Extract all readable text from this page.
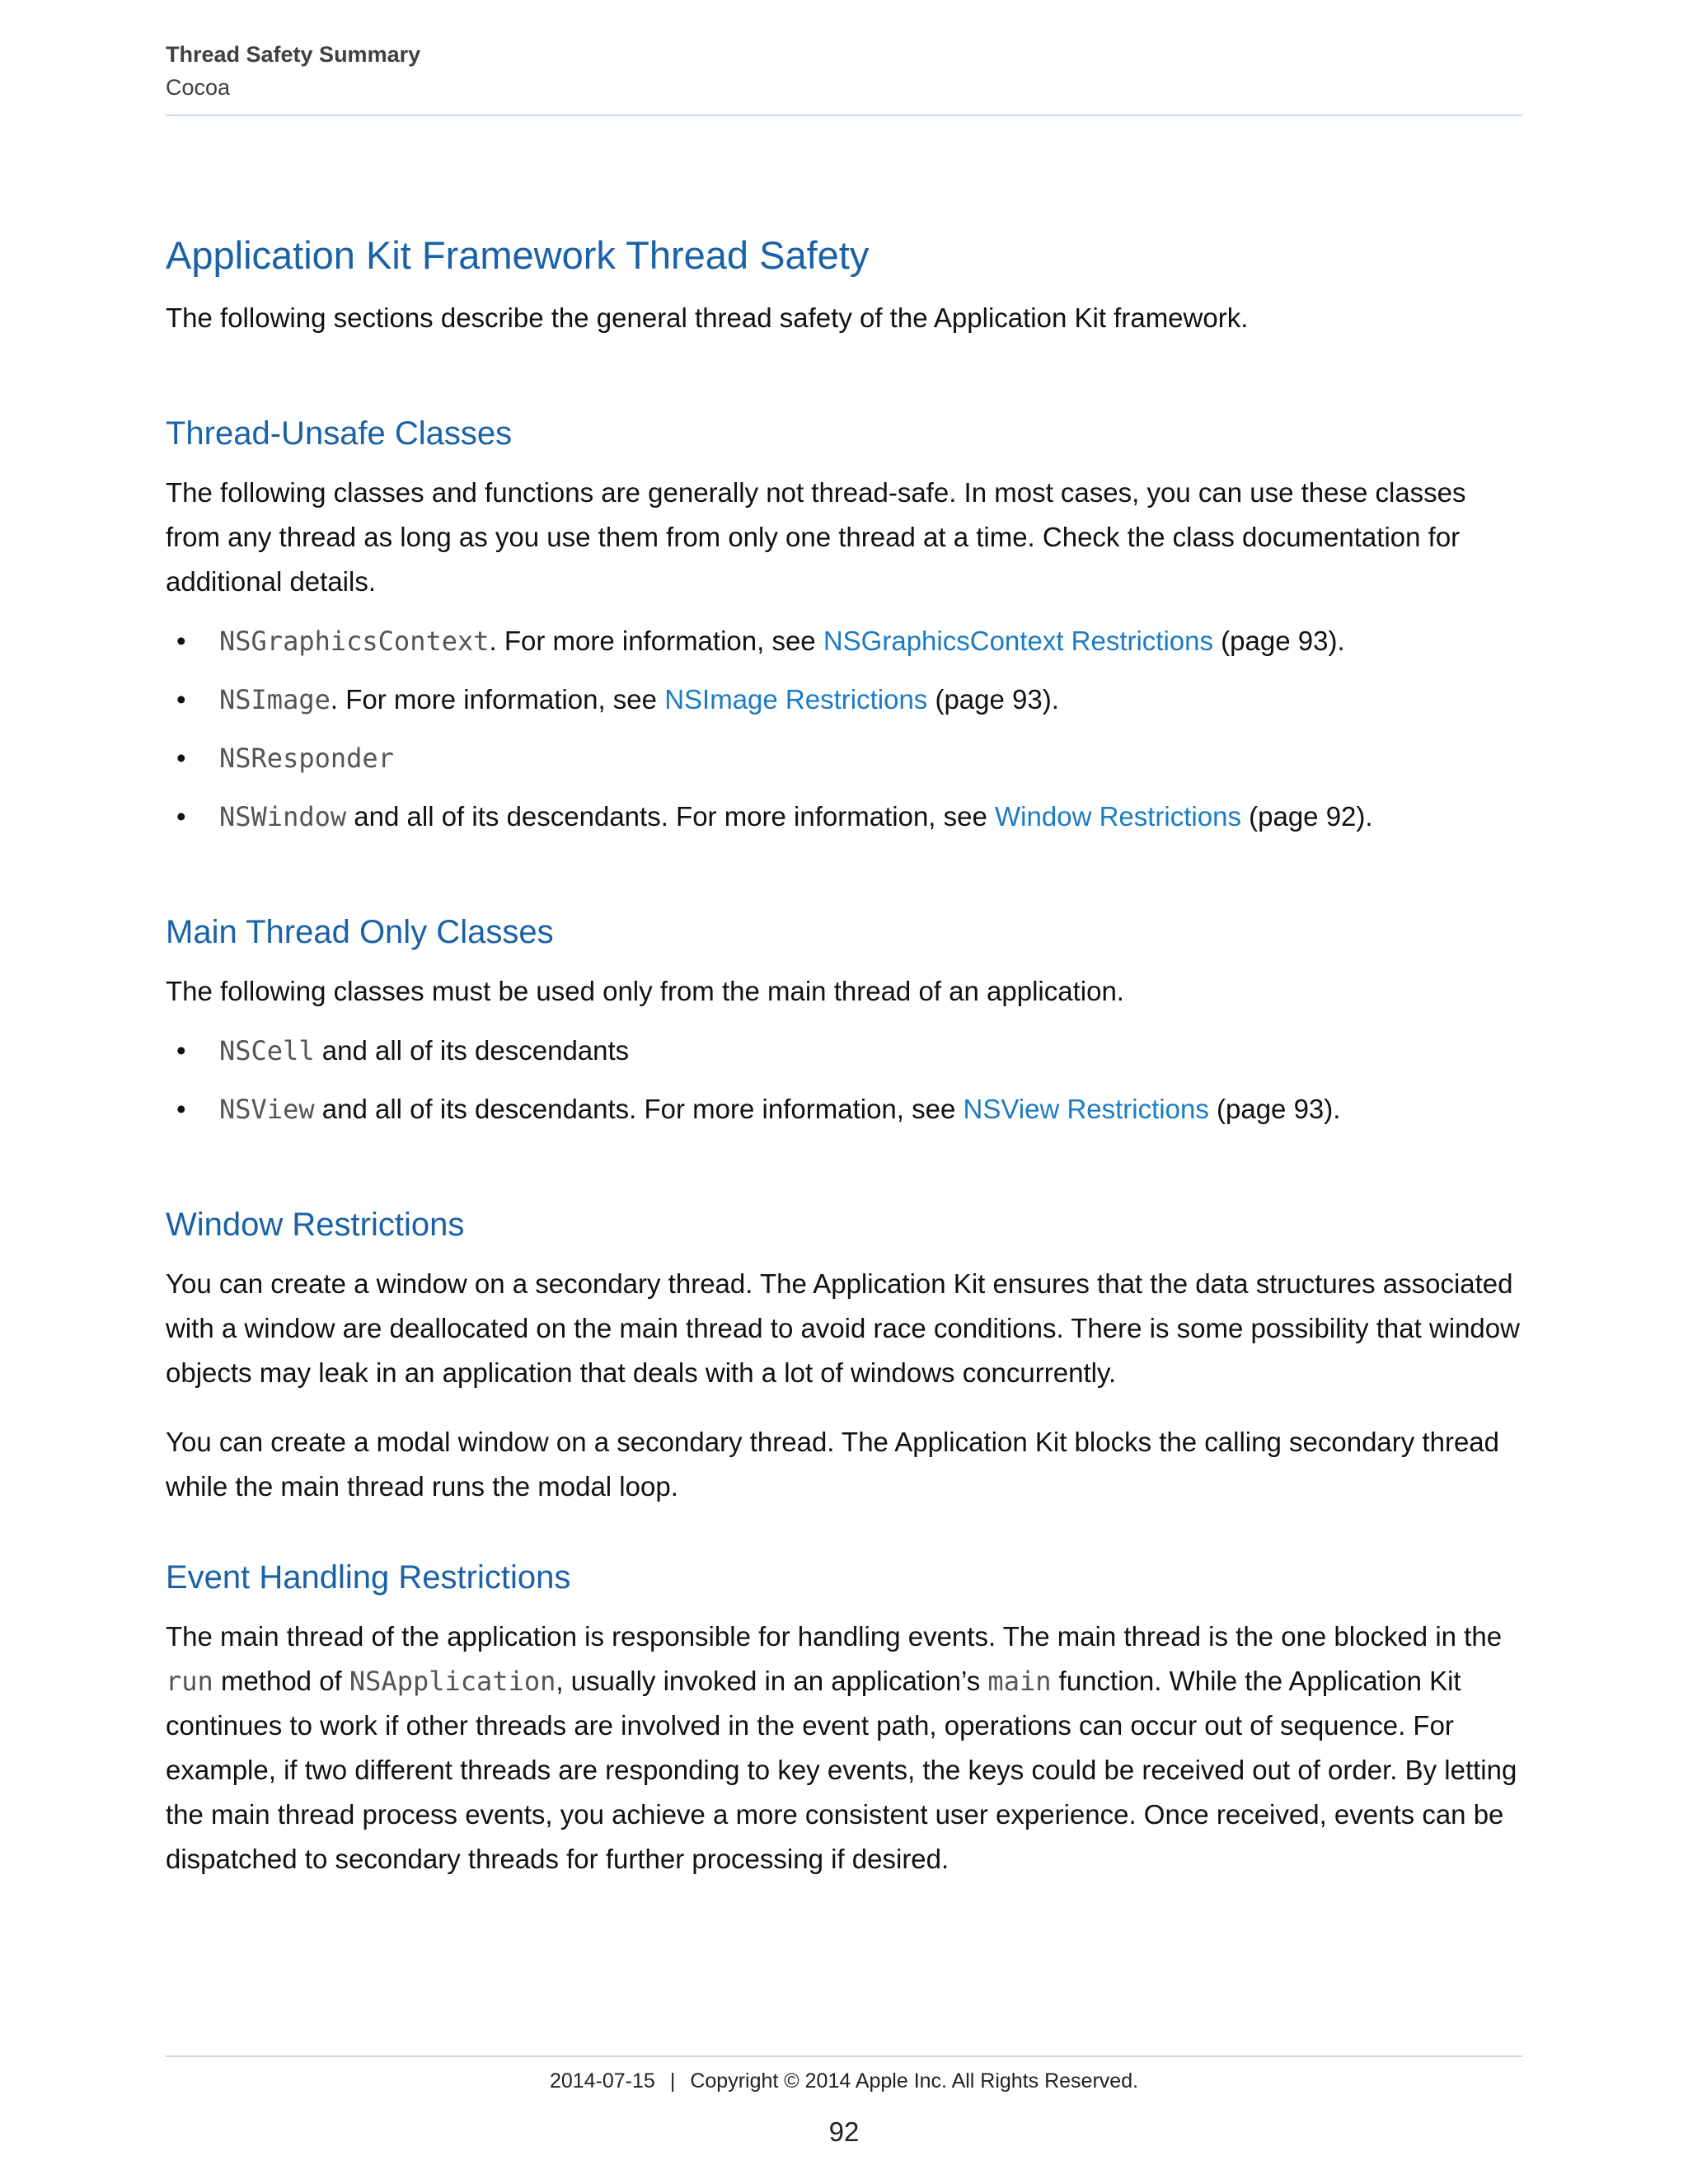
Thread Safety Summary
Cocoa
Application Kit Framework Thread Safety

The following sections describe the general thread safety of the Application Kit framework.

Thread-Unsafe Classes

The following classes and functions are generally not thread-safe. In most cases, you can use these classes from any thread as long as you use them from only one thread at a time. Check the class documentation for additional details.

• NSGraphicsContext. For more information, see NSGraphicsContext Restrictions (page 93).
• NSImage. For more information, see NSImage Restrictions (page 93).
• NSResponder
• NSWindow and all of its descendants. For more information, see Window Restrictions (page 92).
Main Thread Only Classes

The following classes must be used only from the main thread of an application.

• NSCell and all of its descendants
• NSView and all of its descendants. For more information, see NSView Restrictions (page 93).
Window Restrictions

You can create a window on a secondary thread. The Application Kit ensures that the data structures associated with a window are deallocated on the main thread to avoid race conditions. There is some possibility that window objects may leak in an application that deals with a lot of windows concurrently.

You can create a modal window on a secondary thread. The Application Kit blocks the calling secondary thread while the main thread runs the modal loop.

Event Handling Restrictions

The main thread of the application is responsible for handling events. The main thread is the one blocked in the run method of NSApplication, usually invoked in an application’s main function. While the Application Kit continues to work if other threads are involved in the event path, operations can occur out of sequence. For example, if two different threads are responding to key events, the keys could be received out of order. By letting the main thread process events, you achieve a more consistent user experience. Once received, events can be dispatched to secondary threads for further processing if desired.

2014-07-15 | Copyright © 2014 Apple Inc. All Rights Reserved.
92
